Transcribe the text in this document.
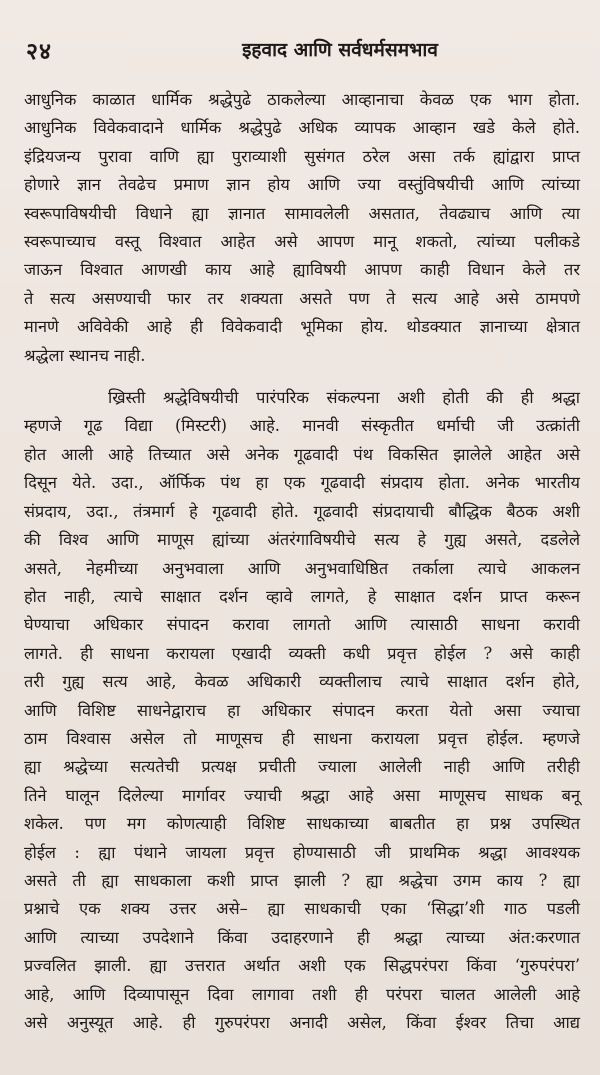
२४	इहवाद आणि सर्वधर्मसमभाव

आधुनिक काळात धार्मिक श्रद्धेपुढे ठाकलेल्या आव्हानाचा केवळ एक भाग होता.
आधुनिक विवेकवादाने धार्मिक श्रद्धेपुढे अधिक व्यापक आव्हान खडे केले होते.
इंद्रियजन्य पुरावा वाणि ह्या पुराव्याशी सुसंगत ठरेल असा तर्क ह्यांद्वारा प्राप्त
होणारे ज्ञान तेवढेच प्रमाण ज्ञान होय आणि ज्या वस्तुंविषयीची आणि त्यांच्या
स्वरूपाविषयीची विधाने ह्या ज्ञानात सामावलेली असतात, तेवढ्याच आणि त्या
स्वरूपाच्याच वस्तू विश्वात आहेत असे आपण मानू शकतो, त्यांच्या पलीकडे
जाऊन विश्वात आणखी काय आहे ह्याविषयी आपण काही विधान केले तर
ते सत्य असण्याची फार तर शक्यता असते पण ते सत्य आहे असे ठामपणे
मानणे अविवेकी आहे ही विवेकवादी भूमिका होय. थोडक्यात ज्ञानाच्या क्षेत्रात
श्रद्धेला स्थानच नाही.

ख्रिस्ती श्रद्धेविषयीची पारंपरिक संकल्पना अशी होती की ही श्रद्धा
म्हणजे गूढ विद्या (मिस्टरी) आहे. मानवी संस्कृतीत धर्माची जी उत्क्रांती
होत आली आहे तिच्यात असे अनेक गूढवादी पंथ विकसित झालेले आहेत असे
दिसून येते. उदा., ऑर्फिक पंथ हा एक गूढवादी संप्रदाय होता. अनेक भारतीय
संप्रदाय, उदा., तंत्रमार्ग हे गूढवादी होते. गूढवादी संप्रदायाची बौद्धिक बैठक अशी
की विश्व आणि माणूस ह्यांच्या अंतरंगाविषयीचे सत्य हे गुह्य असते, दडलेले
असते, नेहमीच्या अनुभवाला आणि अनुभवाधिष्ठित तर्काला त्याचे आकलन
होत नाही, त्याचे साक्षात दर्शन व्हावे लागते, हे साक्षात दर्शन प्राप्त करून
घेण्याचा अधिकार संपादन करावा लागतो आणि त्यासाठी साधना करावी
लागते. ही साधना करायला एखादी व्यक्ती कधी प्रवृत्त होईल ? असे काही
तरी गुह्य सत्य आहे, केवळ अधिकारी व्यक्तीलाच त्याचे साक्षात दर्शन होते,
आणि विशिष्ट साधनेद्वाराच हा अधिकार संपादन करता येतो असा ज्याचा
ठाम विश्वास असेल तो माणूसच ही साधना करायला प्रवृत्त होईल. म्हणजे
ह्या श्रद्धेच्या सत्यतेची प्रत्यक्ष प्रचीती ज्याला आलेली नाही आणि तरीही
तिने घालून दिलेल्या मार्गावर ज्याची श्रद्धा आहे असा माणूसच साधक बनू
शकेल. पण मग कोणत्याही विशिष्ट साधकाच्या बाबतीत हा प्रश्न उपस्थित
होईल : ह्या पंथाने जायला प्रवृत्त होण्यासाठी जी प्राथमिक श्रद्धा आवश्यक
असते ती ह्या साधकाला कशी प्राप्त झाली ? ह्या श्रद्धेचा उगम काय ? ह्या
प्रश्नाचे एक शक्य उत्तर असे– ह्या साधकाची एका ‘सिद्धा’शी गाठ पडली
आणि त्याच्या उपदेशाने किंवा उदाहरणाने ही श्रद्धा त्याच्या अंत:करणात
प्रज्वलित झाली. ह्या उत्तरात अर्थात अशी एक सिद्धपरंपरा किंवा ‘गुरुपरंपरा’
आहे, आणि दिव्यापासून दिवा लागावा तशी ही परंपरा चालत आलेली आहे
असे अनुस्यूत आहे. ही गुरुपरंपरा अनादी असेल, किंवा ईश्वर तिचा आद्य
